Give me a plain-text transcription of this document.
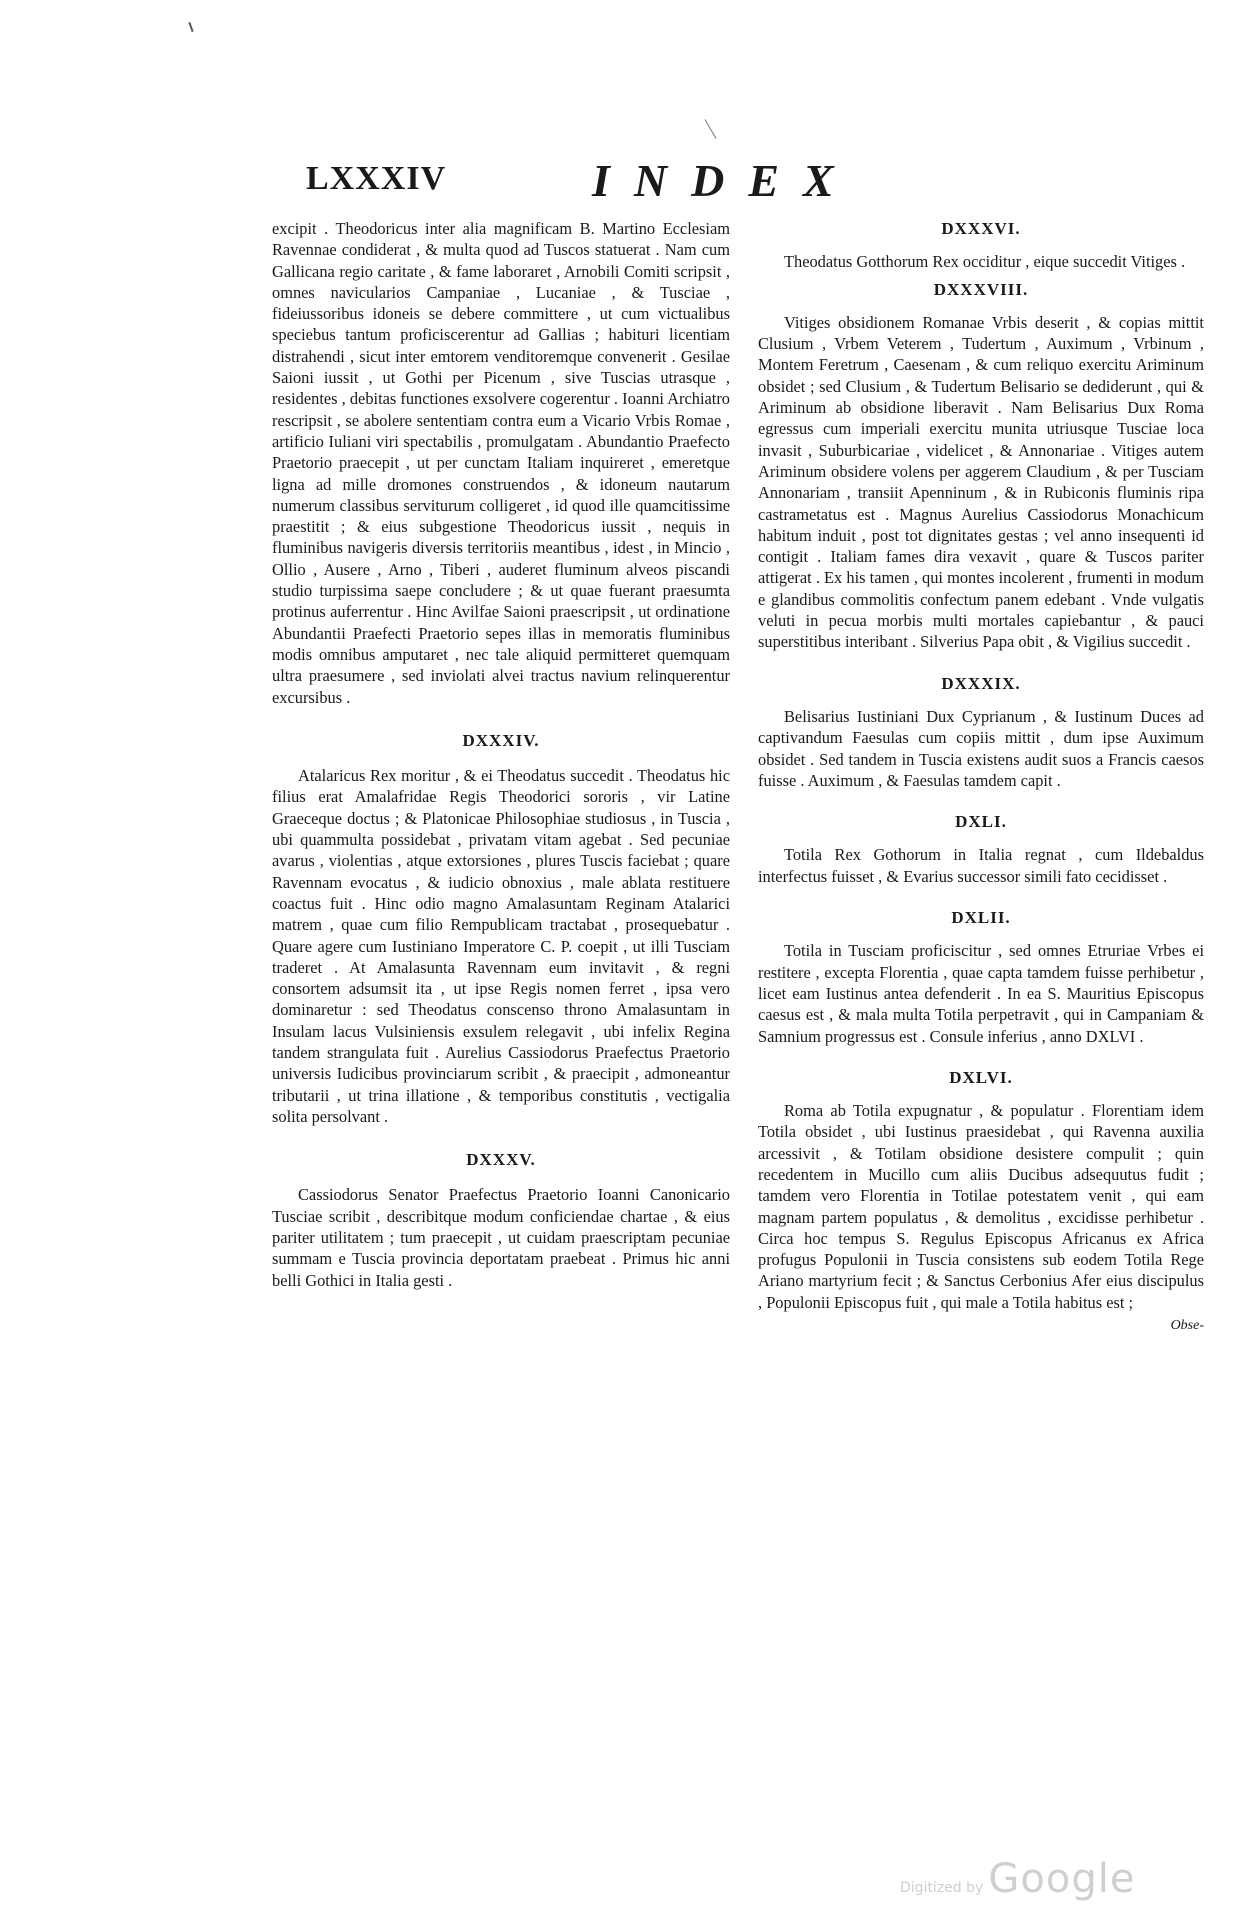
LXXXIV	INDEX

excipit . Theodoricus inter alia magnificam B. Martino Ecclesiam Ravennae condiderat , & multa quod ad Tuscos statuerat . Nam cum Gallicana regio caritate , & fame laboraret , Arnobili Comiti scripsit , omnes navicularios Campaniae , Lucaniae , & Tusciae , fideiussoribus idoneis se debere committere , ut cum victualibus speciebus tantum proficiscerentur ad Gallias ; habituri licentiam distrahendi , sicut inter emtorem venditoremque convenerit . Gesilae Saioni iussit , ut Gothi per Picenum , sive Tuscias utrasque , residentes , debitas functiones exsolvere cogerentur . Ioanni Archiatro rescripsit , se abolere sententiam contra eum a Vicario Vrbis Romae , artificio Iuliani viri spectabilis , promulgatam . Abundantio Praefecto Praetorio praecepit , ut per cunctam Italiam inquireret , emeretque ligna ad mille dromones construendos , & idoneum nautarum numerum classibus serviturum colligeret , id quod ille quamcitissime praestitit ; & eius subgestione Theodoricus iussit , nequis in fluminibus navigeris diversis territoriis meantibus , idest , in Mincio , Ollio , Ausere , Arno , Tiberi , auderet fluminum alveos piscandi studio turpissima saepe concludere ; & ut quae fuerant praesumta protinus auferrentur . Hinc Avilfae Saioni praescripsit , ut ordinatione Abundantii Praefecti Praetorio sepes illas in memoratis fluminibus modis omnibus amputaret , nec tale aliquid permitteret quemquam ultra praesumere , sed inviolati alvei tractus navium relinquerentur excursibus .

DXXXIV.

Atalaricus Rex moritur , & ei Theodatus succedit . Theodatus hic filius erat Amalafridae Regis Theodorici sororis , vir Latine Graeceque doctus ; & Platonicae Philosophiae studiosus , in Tuscia , ubi quammulta possidebat , privatam vitam agebat . Sed pecuniae avarus , violentias , atque extorsiones , plures Tuscis faciebat ; quare Ravennam evocatus , & iudicio obnoxius , male ablata restituere coactus fuit . Hinc odio magno Amalasuntam Reginam Atalarici matrem , quae cum filio Rempublicam tractabat , prosequebatur . Quare agere cum Iustiniano Imperatore C. P. coepit , ut illi Tusciam traderet . At Amalasunta Ravennam eum invitavit , & regni consortem adsumsit ita , ut ipse Regis nomen ferret , ipsa vero dominaretur : sed Theodatus conscenso throno Amalasuntam in Insulam lacus Vulsiniensis exsulem relegavit , ubi infelix Regina tandem strangulata fuit . Aurelius Cassiodorus Praefectus Praetorio universis Iudicibus provinciarum scribit , & praecipit , admoneantur tributarii , ut trina illatione , & temporibus constitutis , vectigalia solita persolvant .

DXXXV.

Cassiodorus Senator Praefectus Praetorio Ioanni Canonicario Tusciae scribit , describitque modum conficiendae chartae , & eius pariter utilitatem ; tum praecepit , ut cuidam praescriptam pecuniae summam e Tuscia provincia deportatam praebeat . Primus hic anni belli Gothici in Italia gesti .

DXXXVI.

Theodatus Gotthorum Rex occiditur , eique succedit Vitiges .

DXXXVIII.

Vitiges obsidionem Romanae Vrbis deserit , & copias mittit Clusium , Vrbem Veterem , Tudertum , Auximum , Vrbinum , Montem Feretrum , Caesenam , & cum reliquo exercitu Ariminum obsidet ; sed Clusium , & Tudertum Belisario se dediderunt , qui & Ariminum ab obsidione liberavit . Nam Belisarius Dux Roma egressus cum imperiali exercitu munita utriusque Tusciae loca invasit , Suburbicariae , videlicet , & Annonariae . Vitiges autem Ariminum obsidere volens per aggerem Claudium , & per Tusciam Annonariam , transiit Apenninum , & in Rubiconis fluminis ripa castrametatus est . Magnus Aurelius Cassiodorus Monachicum habitum induit , post tot dignitates gestas ; vel anno insequenti id contigit . Italiam fames dira vexavit , quare & Tuscos pariter attigerat . Ex his tamen , qui montes incolerent , frumenti in modum e glandibus commolitis confectum panem edebant . Vnde vulgatis veluti in pecua morbis multi mortales capiebantur , & pauci superstitibus interibant . Silverius Papa obit , & Vigilius succedit .

DXXXIX.

Belisarius Iustiniani Dux Cyprianum , & Iustinum Duces ad captivandum Faesulas cum copiis mittit , dum ipse Auximum obsidet . Sed tandem in Tuscia existens audit suos a Francis caesos fuisse . Auximum , & Faesulas tamdem capit .

DXLI.

Totila Rex Gothorum in Italia regnat , cum Ildebaldus interfectus fuisset , & Evarius successor simili fato cecidisset .

DXLII.

Totila in Tusciam proficiscitur , sed omnes Etruriae Vrbes ei restitere , excepta Florentia , quae capta tamdem fuisse perhibetur , licet eam Iustinus antea defenderit . In ea S. Mauritius Episcopus caesus est , & mala multa Totila perpetravit , qui in Campaniam & Samnium progressus est . Consule inferius , anno DXLVI .

DXLVI.

Roma ab Totila expugnatur , & populatur . Florentiam idem Totila obsidet , ubi Iustinus praesidebat , qui Ravenna auxilia arcessivit , & Totilam obsidione desistere compulit ; quin recedentem in Mucillo cum aliis Ducibus adsequutus fudit ; tamdem vero Florentia in Totilae potestatem venit , qui eam magnam partem populatus , & demolitus , excidisse perhibetur . Circa hoc tempus S. Regulus Episcopus Africanus ex Africa profugus Populonii in Tuscia consistens sub eodem Totila Rege Ariano martyrium fecit ; & Sanctus Cerbonius Afer eius discipulus , Populonii Episcopus fuit , qui male a Totila habitus est ;

Obse-
Digitized by Google
